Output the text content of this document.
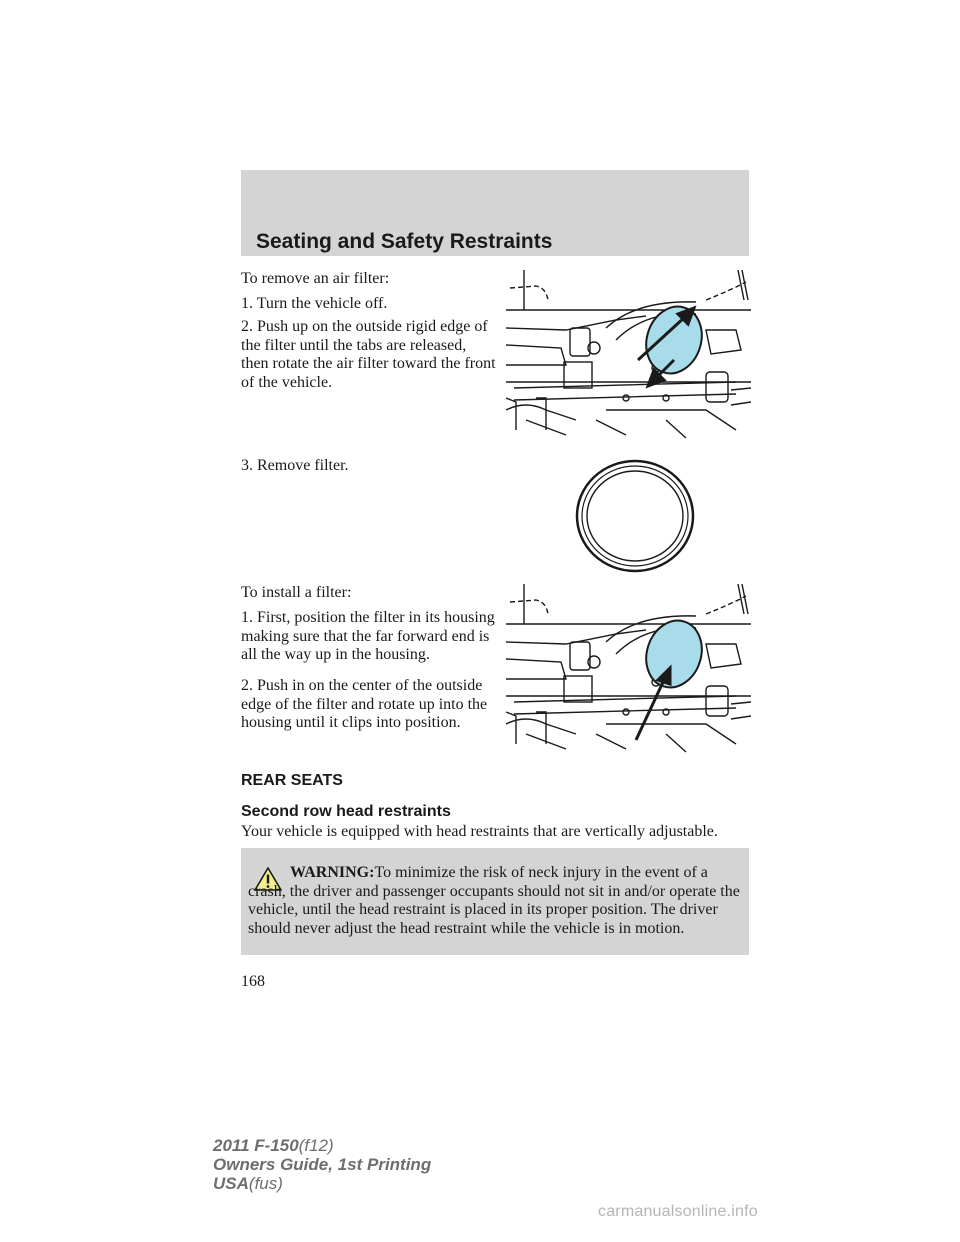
Seating and Safety Restraints
To remove an air filter:
1. Turn the vehicle off.
2. Push up on the outside rigid edge of the filter until the tabs are released, then rotate the air filter toward the front of the vehicle.
3. Remove filter.
To install a filter:
1. First, position the filter in its housing making sure that the far forward end is all the way up in the housing.
2. Push in on the center of the outside edge of the filter and rotate up into the housing until it clips into position.
REAR SEATS
Second row head restraints
Your vehicle is equipped with head restraints that are vertically adjustable.
WARNING:To minimize the risk of neck injury in the event of a crash, the driver and passenger occupants should not sit in and/or operate the vehicle, until the head restraint is placed in its proper position. The driver should never adjust the head restraint while the vehicle is in motion.
168
2011 F-150(f12)
Owners Guide, 1st Printing
USA(fus)
carmanualsonline.info
